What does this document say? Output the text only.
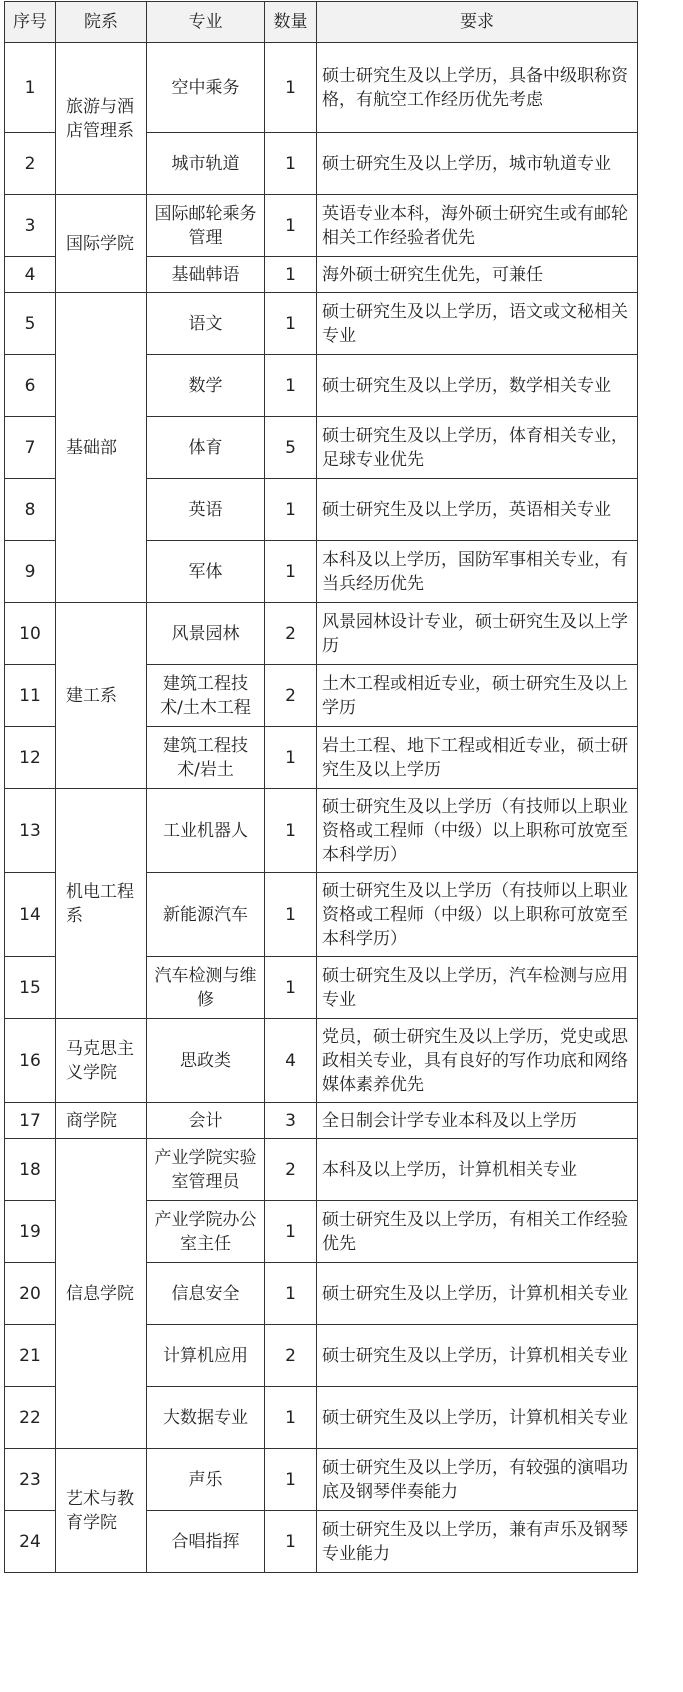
序号	院系	专业	数量	要求
1	旅游与酒店管理系	空中乘务	1	硕士研究生及以上学历，具备中级职称资格，有航空工作经历优先考虑
2		城市轨道	1	硕士研究生及以上学历，城市轨道专业
3	国际学院	国际邮轮乘务管理	1	英语专业本科，海外硕士研究生或有邮轮相关工作经验者优先
4		基础韩语	1	海外硕士研究生优先，可兼任
5	基础部	语文	1	硕士研究生及以上学历，语文或文秘相关专业
6		数学	1	硕士研究生及以上学历，数学相关专业
7		体育	5	硕士研究生及以上学历，体育相关专业，足球专业优先
8		英语	1	硕士研究生及以上学历，英语相关专业
9		军体	1	本科及以上学历，国防军事相关专业，有当兵经历优先
10	建工系	风景园林	2	风景园林设计专业，硕士研究生及以上学历
11		建筑工程技术/土木工程	2	土木工程或相近专业，硕士研究生及以上学历
12		建筑工程技术/岩土	1	岩土工程、地下工程或相近专业，硕士研究生及以上学历
13	机电工程系	工业机器人	1	硕士研究生及以上学历（有技师以上职业资格或工程师（中级）以上职称可放宽至本科学历）
14		新能源汽车	1	硕士研究生及以上学历（有技师以上职业资格或工程师（中级）以上职称可放宽至本科学历）
15		汽车检测与维修	1	硕士研究生及以上学历，汽车检测与应用专业
16	马克思主义学院	思政类	4	党员，硕士研究生及以上学历，党史或思政相关专业，具有良好的写作功底和网络媒体素养优先
17	商学院	会计	3	全日制会计学专业本科及以上学历
18	信息学院	产业学院实验室管理员	2	本科及以上学历，计算机相关专业
19		产业学院办公室主任	1	硕士研究生及以上学历，有相关工作经验优先
20		信息安全	1	硕士研究生及以上学历，计算机相关专业
21		计算机应用	2	硕士研究生及以上学历，计算机相关专业
22		大数据专业	1	硕士研究生及以上学历，计算机相关专业
23	艺术与教育学院	声乐	1	硕士研究生及以上学历，有较强的演唱功底及钢琴伴奏能力
24		合唱指挥	1	硕士研究生及以上学历，兼有声乐及钢琴专业能力
